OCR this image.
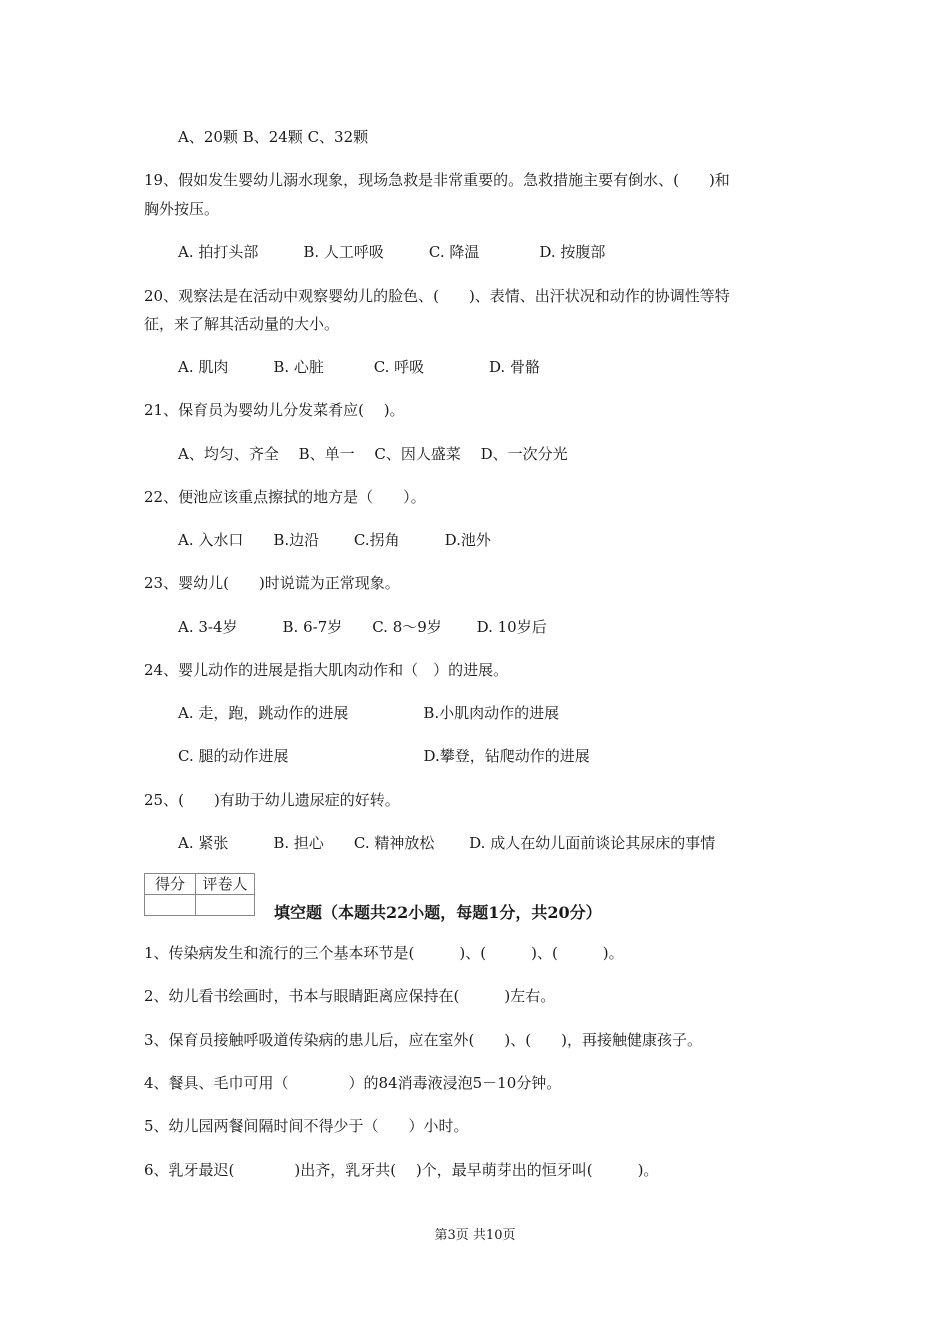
A、20颗 B、24颗 C、32颗
19、假如发生婴幼儿溺水现象，现场急救是非常重要的。急救措施主要有倒水、(　　)和
胸外按压。
A. 拍打头部　　　B. 人工呼吸　　　C. 降温　　　　D. 按腹部
20、观察法是在活动中观察婴幼儿的脸色、(　　)、表情、出汗状况和动作的协调性等特
征，来了解其活动量的大小。
A. 肌肉　　　B. 心脏　　　 C. 呼吸　　　　 D. 骨骼
21、保育员为婴幼儿分发菜肴应(　 )。
A、均匀、齐全　 B、单一　 C、因人盛菜　 D、一次分光
22、便池应该重点擦拭的地方是（　　）。
A. 入水口　　B.边沿　　 C.拐角　　　D.池外
23、婴幼儿(　　)时说谎为正常现象。
A. 3-4岁　　　B. 6-7岁　　C. 8～9岁　　 D. 10岁后
24、婴儿动作的进展是指大肌肉动作和（　）的进展。
A. 走，跑，跳动作的进展　　　　　B.小肌肉动作的进展
C. 腿的动作进展　　　　　　　　　D.攀登，钻爬动作的进展
25、(　　)有助于幼儿遗尿症的好转。
A. 紧张　　　B. 担心　　C. 精神放松　　 D. 成人在幼儿面前谈论其尿床的事情
得分	评卷人

填空题（本题共22小题，每题1分，共20分）
1、传染病发生和流行的三个基本环节是(　　　)、(　　　)、(　　　)。
2、幼儿看书绘画时，书本与眼睛距离应保持在(　　　)左右。
3、保育员接触呼吸道传染病的患儿后，应在室外(　　)、(　　)，再接触健康孩子。
4、餐具、毛巾可用（　　　　）的84消毒液浸泡5－10分钟。
5、幼儿园两餐间隔时间不得少于（　　）小时。
6、乳牙最迟(　　　　)出齐，乳牙共(　 )个，最早萌芽出的恒牙叫(　　　)。
第3页 共10页
